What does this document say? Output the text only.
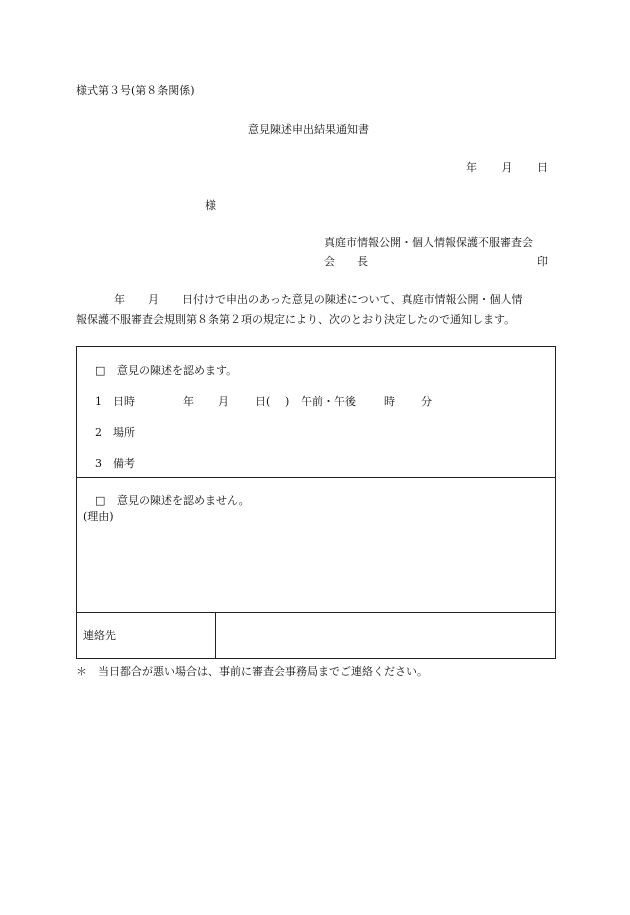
様式第３号(第８条関係)
意見陳述申出結果通知書
年 月 日
様
真庭市情報公開・個人情報保護不服審査会
会　　長	印
年 月 日付けで申出のあった意見の陳述について、真庭市情報公開・個人情
報保護不服審査会規則第８条第２項の規定により、次のとおり決定したので通知します。
□ 意見の陳述を認めます。
1 日時	年 月 日( ) 午前・午後	時 分
2 場所
3 備考
□ 意見の陳述を認めません。
(理由)
連絡先
＊　当日都合が悪い場合は、事前に審査会事務局までご連絡ください。
